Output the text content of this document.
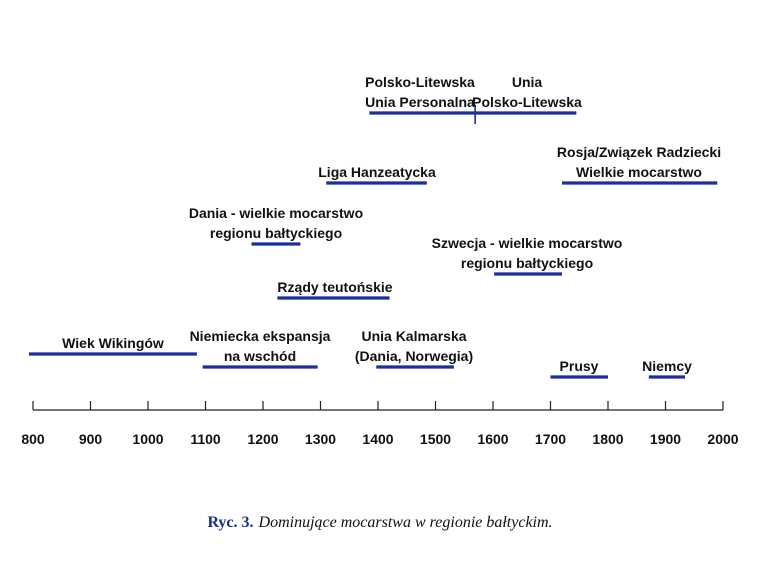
800 900 1000 1100 1200 1300 1400 1500 1600 1700 1800 1900 2000
Wiek Wikingów Niemiecka ekspansja
na wschód
Rządy teutońskie
Dania - wielkie mocarstwo
regionu bałtyckiego
Liga Hanzeatycka
Unia Kalmarska
(Dania, Norwegia)
Polsko-Litewska
Unia Personalna
Unia
Polsko-Litewska
Szwecja - wielkie mocarstwo
regionu bałtyckiego
Rosja/Związek Radziecki
Wielkie mocarstwo
Prusy	Niemcy
Ryc. 3. Dominujące mocarstwa w regionie bałtyckim.
